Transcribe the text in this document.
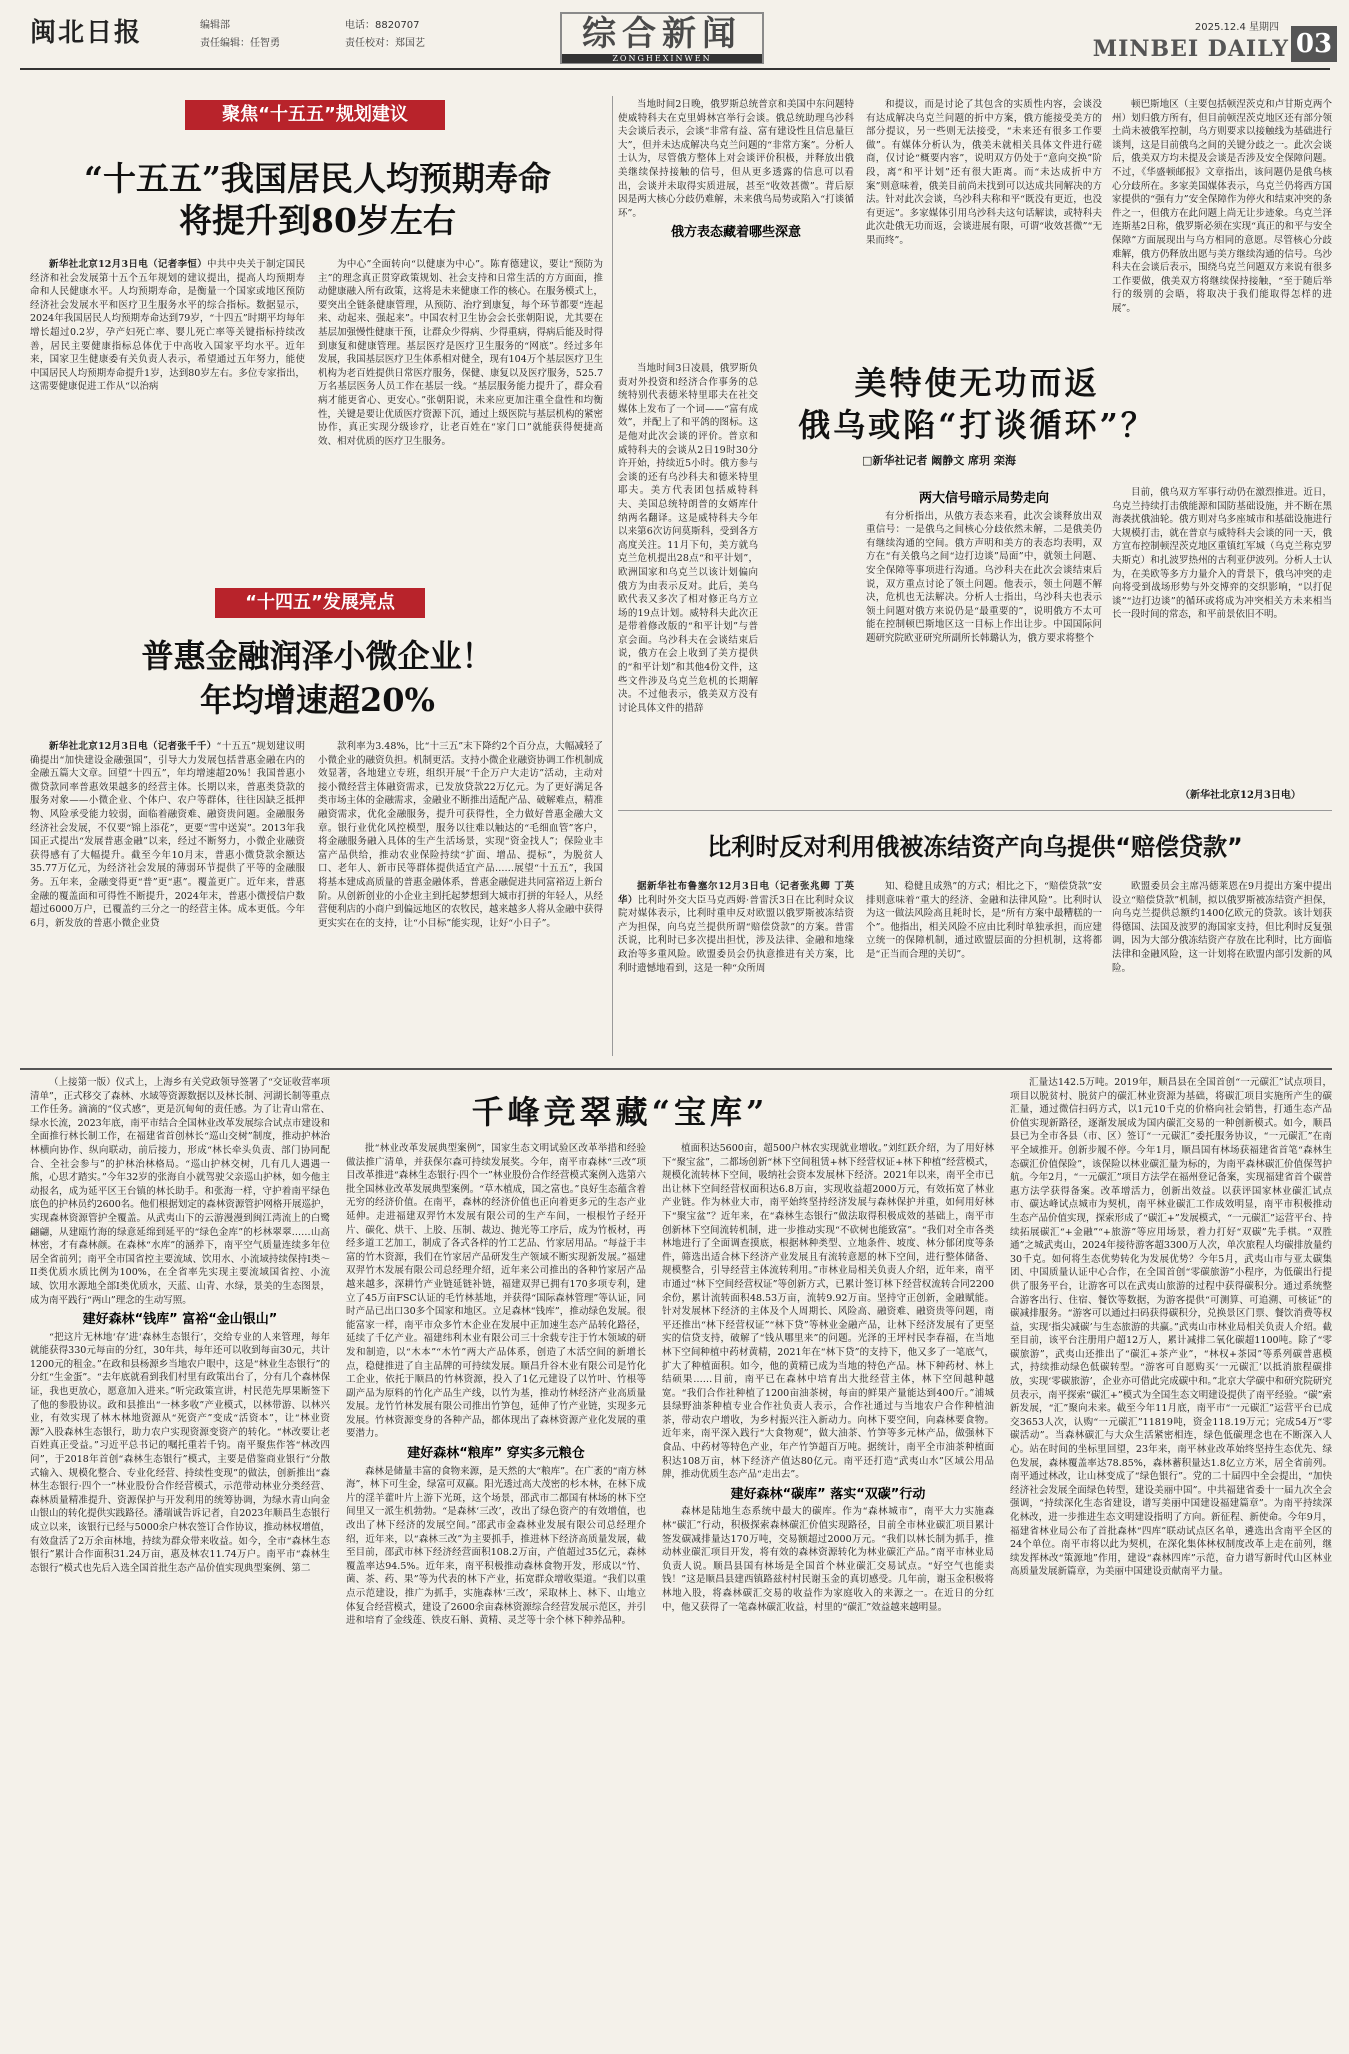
闽北日报	编辑部
责任编辑：任智勇
电话：8820707
责任校对：郑国艺	综合新闻
ZONGHEXINWEN
2025.12.4 星期四
MINBEI DAILY 03
聚焦“十五五”规划建议
“十五五”我国居民人均预期寿命
将提升到80岁左右

新华社北京12月3日电（记者李恒）中共中央关于制定国民经济和社会发展第十五个五年规划的建议提出，提高人均预期寿命和人民健康水平。人均预期寿命，是衡量一个国家或地区预防经济社会发展水平和医疗卫生服务水平的综合指标。数据显示，2024年我国居民人均预期寿命达到79岁，“十四五”时期平均每年增长超过0.2岁，孕产妇死亡率、婴儿死亡率等关键指标持续改善，居民主要健康指标总体优于中高收入国家平均水平。近年来，国家卫生健康委有关负责人表示，希望通过五年努力，能使中国居民人均预期寿命提升1岁，达到80岁左右。多位专家指出，这需要健康促进工作从“以治病

为中心”全面转向“以健康为中心”。陈育德建议，要让“预防为主”的理念真正贯穿政策规划、社会支持和日常生活的方方面面，推动健康融入所有政策，这将是未来健康工作的核心。在服务模式上，要突出全链条健康管理，从预防、治疗到康复，每个环节都要“连起来、动起来、强起来”。中国农村卫生协会会长张朝阳说，尤其要在基层加强慢性健康干预，让群众少得病、少得重病，得病后能及时得到康复和健康管理。基层医疗是医疗卫生服务的“网底”。经过多年发展，我国基层医疗卫生体系相对健全，现有104万个基层医疗卫生机构为老百姓提供日常医疗服务，保健、康复以及医疗服务，525.7万名基层医务人员工作在基层一线。“基层服务能力提升了，群众看病才能更省心、更安心。”张朝阳说，未来应更加注重全盘性和均衡性，关键是要让优质医疗资源下沉，通过上级医院与基层机构的紧密协作，真正实现分级诊疗，让老百姓在“家门口”就能获得便捷高效、相对优质的医疗卫生服务。

“十四五”发展亮点
普惠金融润泽小微企业！
年均增速超20%

新华社北京12月3日电（记者张千千）“十五五”规划建议明确提出“加快建设金融强国”，引导大力发展包括普惠金融在内的金融五篇大文章。回望“十四五”，年均增速超20%！我国普惠小微贷款同率普惠效果越多的经营主体。长期以来，普惠类贷款的服务对象——小微企业、个体户、农户等群体，往往因缺乏抵押物、风险承受能力较弱，面临着融资难、融资贵问题。金融服务经济社会发展，不仅要“锦上添花”，更要“雪中送炭”。2013年我国正式提出“发展普惠金融”以来，经过不断努力，小微企业融资获得感有了大幅提升。截至今年10月末，普惠小微贷款余额达35.77万亿元，为经济社会发展的薄弱环节提供了平等的金融服务。五年来，金融变得更“普”更“惠”。覆盖更广。近年来，普惠金融的覆盖面和可得性不断提升，2024年末，普惠小微授信户数超过6000万户，已覆盖约三分之一的经营主体。成本更低。今年6月，新发放的普惠小微企业贷

款利率为3.48%，比“十三五”末下降约2个百分点，大幅减轻了小微企业的融资负担。机制更活。支持小微企业融资协调工作机制成效显著，各地建立专班，组织开展“千企万户大走访”活动，主动对接小微经营主体融资需求，已发放贷款22万亿元。为了更好满足各类市场主体的金融需求，金融业不断推出适配产品、破解难点，精准融资需求，优化金融服务，提升可获得性，全力做好普惠金融大文章。银行业优化风控模型，服务以往难以触达的“毛细血管”客户，将金融服务融入具体的生产生活场景，实现“资金找人”；保险业丰富产品供给，推动农业保险持续“扩面、增品、提标”，为脱贫人口、老年人、新市民等群体提供适宜产品……展望“十五五”，我国将基本建成高质量的普惠金融体系，普惠金融促进共同富裕迈上新台阶。从创新创业的小企业主到托起梦想到大城市打拼的年轻人，从经营便利店的小商户到偏远地区的农牧民，越来越多人将从金融中获得更实实在在的支持，让“小目标”能实现，让好“小日子”。

当地时间2日晚，俄罗斯总统普京和美国中东问题特使威特科夫在克里姆林宫举行会谈。俄总统助理乌沙科夫会谈后表示，会谈“非常有益、富有建设性且信息量巨大”，但并未达成解决乌克兰问题的“非常方案”。分析人士认为，尽管俄方整体上对会谈评价积极，并释放出俄美继续保持接触的信号，但从更多透露的信息可以看出，会谈并未取得实质进展，甚至“收效甚微”。背后原因是两大核心分歧仍难解，未来俄乌局势或陷入“打谈循环”。

俄方表态藏着哪些深意

当地时间3日凌晨，俄罗斯负责对外投资和经济合作事务的总统特别代表德米特里耶夫在社交媒体上发布了一个词——“富有成效”，并配上了和平鸽的图标。这是他对此次会谈的评价。普京和威特科夫的会谈从2日19时30分许开始，持续近5小时。俄方参与会谈的还有乌沙科夫和德米特里耶夫。美方代表团包括威特科夫、美国总统特朗普的女婿库什纳两名翻译。这是威特科夫今年以来第6次访问莫斯科，受到各方高度关注。11月下旬，美方就乌克兰危机提出28点“和平计划”，欧洲国家和乌克兰以该计划偏向俄方为由表示反对。此后，美乌欧代表又多次了相对修正乌方立场的19点计划。威特科夫此次正是带着修改版的“和平计划”与普京会面。乌沙科夫在会谈结束后说，俄方在会上收到了美方提供的“和平计划”和其他4份文件，这些文件涉及乌克兰危机的长期解决。不过他表示，俄美双方没有讨论具体文件的措辞

和提议，而是讨论了其包含的实质性内容，会谈没有达成解决乌克兰问题的折中方案，俄方能接受美方的部分提议，另一些则无法接受，“未来还有很多工作要做”。有媒体分析认为，俄美未就相关具体文件进行磋商，仅讨论“概要内容”，说明双方仍处于“意向交换”阶段，离“和平计划”还有很大距离。而“未达成折中方案”则意味着，俄美目前尚未找到可以达成共同解决的方法。针对此次会谈，乌沙科夫称和平“既没有更近，也没有更远”。多家媒体引用乌沙科夫这句话解读，或特科夫此次赴俄无功而返，会谈进展有限，可谓“收效甚微”“无果而终”。

顿巴斯地区（主要包括顿涅茨克和卢甘斯克两个州）划归俄方所有，但目前顿涅茨克地区还有部分领土尚未被俄军控制，乌方则要求以接触线为基础进行谈判，这是目前俄乌之间的关键分歧之一。此次会谈后，俄美双方均未提及会谈是否涉及安全保障问题。不过，《华盛顿邮报》文章指出，该问题仍是俄乌核心分歧所在。多家美国媒体表示，乌克兰仍将西方国家提供的“强有力”安全保障作为停火和结束冲突的条件之一，但俄方在此问题上尚无让步迹象。乌克兰泽连斯基2日称，俄罗斯必须在实现“真正的和平与安全保障”方面展现出与乌方相同的意愿。尽管核心分歧难解，俄方仍释放出愿与美方继续沟通的信号。乌沙科夫在会谈后表示，围绕乌克兰问题双方来说有很多工作要做，俄美双方将继续保持接触，“至于随后举行的级别的会晤，将取决于我们能取得怎样的进展”。

美特使无功而返
俄乌或陷“打谈循环”？
□新华社记者 阚静文 席玥 栾海
两大信号暗示局势走向

有分析指出，从俄方表态来看，此次会谈释放出双重信号：一是俄乌之间核心分歧依然未解，二是俄美仍有继续沟通的空间。俄方声明和美方的表态均表明，双方在“有关俄乌之间“边打边谈”局面”中，就领土问题、安全保障等事项进行沟通。乌沙科夫在此次会谈结束后说，双方重点讨论了领土问题。他表示，领土问题不解决，危机也无法解决。分析人士指出，乌沙科夫也表示领土问题对俄方来说仍是“最重要的”，说明俄方不太可能在控制顿巴斯地区这一目标上作出让步。中国国际问题研究院欧亚研究所副所长韩璐认为，俄方要求将整个

目前，俄乌双方军事行动仍在激烈推进。近日，乌克兰持续打击俄能源和国防基础设施，并不断在黑海袭扰俄油轮。俄方则对乌多座城市和基础设施进行大规模打击，就在普京与威特科夫会谈的同一天，俄方宣布控制顿涅茨克地区重镇红军城（乌克兰称克罗夫斯克）和扎波罗热州的古利亚伊波列。分析人士认为，在美欧等多方力量介入的背景下，俄乌冲突的走向将受到战场形势与外交博弈的交织影响，“以打促谈”“边打边谈”的循环或将成为冲突相关方未来相当长一段时间的常态，和平前景依旧不明。

（新华社北京12月3日电）
比利时反对利用俄被冻结资产向乌提供“赔偿贷款”

据新华社布鲁塞尔12月3日电（记者张兆卿 丁英华）比利时外交大臣马克西姆·普雷沃3日在比利时众议院对媒体表示，比利时重申反对欧盟以俄罗斯被冻结资产为担保，向乌克兰提供所谓“赔偿贷款”的方案。普雷沃说，比利时已多次提出担忧，涉及法律、金融和地缘政治等多重风险。欧盟委员会仍执意推进有关方案，比利时遗憾地看到，这是一种“众所周

知、稳健且成熟”的方式；相比之下，“赔偿贷款”安排则意味着“重大的经济、金融和法律风险”。比利时认为这一做法风险高且耗时长，是“所有方案中最糟糕的一个”。他指出，相关风险不应由比利时单独承担，而应建立统一的保障机制，通过欧盟层面的分担机制，这将都是“正当而合理的关切”。

欧盟委员会主席冯德莱恩在9月提出方案中提出设立“赔偿贷款”机制，拟以俄罗斯被冻结资产担保，向乌克兰提供总额约1400亿欧元的贷款。该计划获得德国、法国及波罗的海国家支持，但比利时反复强调，因为大部分俄冻结资产存放在比利时，比方面临法律和金融风险，这一计划将在欧盟内部引发新的风险。

千峰竞翠藏“宝库”

（上接第一版）仪式上，上海乡有关党政领导签署了“交证收营率项清单”，正式移交了森林、水域等资源数据以及林长制、河湖长制等重点工作任务。滴滴的“仪式感”，更是沉甸甸的责任感。为了让青山常在、绿水长流，2023年底，南平市结合全国林业改革发展综合试点市建设和全面推行林长制工作，在福建省首创林长“巡山交树”制度，推动护林治林横向协作、纵向联动，前后接力，形成“林长牵头负责、部门协同配合、全社会参与”的护林治林格局。“巡山护林交树，几有几人遇遇一熊，心思才踏实。”今年32岁的张海自小就驾驶父亲巡山护林，如今他主动报名，成为延平区王台镇的林长助手。和张海一样，守护着南平绿色底色的护林员约2600名。他们根据划定的森林资源管护网格开展巡护，实现森林资源管护全覆盖。从武夷山下的云游漫漫到闽江湾流上的白鹭翩翩，从建瓯竹海的绿意延绵到延平的“绿色金库”的杉林翠翠……山高林密，才有森林颜。在森林“水库”的涵养下，南平空气质量连续多年位居全省前列；南平全市国省控主要流域、饮用水、小流域持续保持I类～II类优质水质比例为100%，在全省率先实现主要流域国省控、小流域、饮用水源地全部I类优质水，天蓝、山青、水绿，景美的生态图景，成为南平践行“两山”理念的生动写照。

建好森林“钱库” 富裕“金山银山”

“把这片无林地‘存’进‘森林生态银行’，交给专业的人来管理，每年就能获得330元每亩的分红，30年共，每年还可以收到每亩30元，共计1200元的租金。”在政和县杨源乡当地农户眼中，这是“林业生态银行”的分红“生金蛋”。“去年底就看到我们村里有政策出台了，分有几个森林保证，我也更放心，愿意加入进来。”听完政策宣讲，村民范先厚果断签下了他的参股协议。政和县推出“一林多收”产业模式，以林带游、以林兴业，有效实现了林木林地资源从“死资产”变成“活资本”，让“林业资源”入股森林生态银行，助力农户实现资源变资产的转化。“林改要让老百姓真正受益。”习近平总书记的嘱托重若千钧。南平聚焦作答“林改四问”，于2018年首创“森林生态银行”模式，主要是借鉴商业银行“分散式输入、规模化整合、专业化经营、持续性变现”的做法，创新推出“森林生态银行·四个一”林业股份合作经营模式，示范带动林业分类经营、森林质量精准提升、资源保护与开发利用的统筹协调，为绿水青山向金山银山的转化提供实践路径。潘端诚告诉记者，自2023年顺昌生态银行成立以来，该银行已经与5000余户林农签订合作协议，推动林权增值，有效盘活了2万余亩林地，持续为群众带来收益。如今，全市“森林生态银行”累计合作面积31.24万亩，惠及林农11.74万户。南平市“森林生态银行”模式也先后入选全国首批生态产品价值实现典型案例、第二

批“林业改革发展典型案例”，国家生态文明试验区改革举措和经验做法推广清单，并获保尔森可持续发展奖。今年，南平市森林“三改”项目改革推进“森林生态银行·四个一”林业股份合作经营模式案例入选第六批全国林业改革发展典型案例。“草木植成，国之富也。”良好生态蕴含着无穷的经济价值。在南平，森林的经济价值也正向着更多元的生态产业延伸。走进福建双羿竹木发展有限公司的生产车间，一根根竹子经开片、碳化、烘干、上胶、压制、裁边、抛光等工序后，成为竹板材，再经多道工艺加工，制成了各式各样的竹工艺品、竹家居用品。“每益于丰富的竹木资源，我们在竹家居产品研发生产领域不断实现新发展。”福建双羿竹木发展有限公司总经理介绍，近年来公司推出的各种竹家居产品越来越多，深耕竹产业链延链补链，福建双羿已拥有170多项专利，建立了45万亩FSC认证的毛竹林基地，并获得“国际森林管理”等认证，同时产品已出口30多个国家和地区。立足森林“钱库”，推动绿色发展。很能富家一样，南平市众多竹木企业在发展中正加速生态产品转化路径，延续了千亿产业。福建纬利木业有限公司三十余载专注于竹木领域的研发和制造，以“木本”“木竹”两大产品体系，创造了木活空间的新增长点，稳健推进了自主品牌的可持续发展。顺昌升谷木业有限公司是竹化工企业，依托于顺昌的竹林资源，投入了1亿元建设了以竹叶、竹根等副产品为原料的竹化产品生产线，以竹为基，推动竹林经济产业高质量发展。龙竹竹林发展有限公司推出竹笋包，延伸了竹产业链，实现多元发展。竹林资源变身的各种产品，都体现出了森林资源产业化发展的重要潜力。

建好森林“粮库” 穿实多元粮仓

森林是储量丰富的食物来源，是天然的大“粮库”。在广袤的“南方林海”，林下可生金，绿富可双赢。阳光透过高大茂密的杉木林，在林下成片的淫羊藿叶片上游下光斑，这个场景，邵武市二都国有林场的林下空间里又一派生机勃勃。“是森林‘三改’，改出了绿色资产的有效增值，也改出了林下经济的发展空间。”邵武市金森林业发展有限公司总经理介绍，近年来，以“森林三改”为主要抓手，推进林下经济高质量发展，截至目前，邵武市林下经济经营面积108.2万亩，产值超过35亿元，森林覆盖率达94.5%。近年来，南平积极推动森林食物开发，形成以“竹、菌、茶、药、果”等为代表的林下产业，拓宽群众增收渠道。“我们以重点示范建设，推广为抓手，实施森林‘三改’，采取林上、林下、山地立体复合经营模式，建设了2600余亩森林资源综合经营发展示范区，并引进和培育了金线莲、铁皮石斛、黄精、灵芝等十余个林下种养品种。

植面积达5600亩，超500户林农实现就业增收。”刘红跃介绍，为了用好林下“聚宝盆”，二都场创新“林下空间租赁+林下经营权证+林下种植”经营模式，规模化流转林下空间，吸纳社会资本发展林下经济。2021年以来，南平全市已出让林下空间经营权面积达6.8万亩，实现收益超2000万元，有效拓宽了林业产业链。作为林业大市，南平始终坚持经济发展与森林保护并重，如何用好林下“聚宝盆”？近年来，在“森林生态银行”做法取得积极成效的基础上，南平市创新林下空间流转机制，进一步推动实现“不砍树也能致富”。“我们对全市各类林地进行了全面调查摸底，根据林种类型、立地条件、坡度、林分郁闭度等条件，筛选出适合林下经济产业发展且有流转意愿的林下空间，进行整体储备、规模整合，引导经营主体流转利用。”市林业局相关负责人介绍，近年来，南平市通过“林下空间经营权证”等创新方式，已累计签订林下经营权流转合同2200余份，累计流转面积48.53万亩，流转9.92万亩。坚持守正创新，金融赋能。针对发展林下经济的主体及个人周期长、风险高、融资难、融资贵等问题，南平还推出“林下经营权证”“林下贷”等林业金融产品，让林下经济发展有了更坚实的信贷支持，破解了“钱从哪里来”的问题。光泽的王坪村民李春福，在当地林下空间种植中药材黄精，2021年在“林下贷”的支持下，他又多了一笔底气，扩大了种植面积。如今，他的黄精已成为当地的特色产品。林下种药材、林上结硕果……目前，南平已在森林中培育出大批经营主体，林下空间越种越宽。“我们合作社种植了1200亩油茶树，每亩的鲜果产量能达到400斤。”浦城县绿野油茶种植专业合作社负责人表示，合作社通过与当地农户合作种植油茶，带动农户增收，为乡村振兴注入新动力。向林下要空间，向森林要食物。近年来，南平深入践行“大食物观”，做大油茶、竹笋等多元林产品，做强林下食品、中药材等特色产业，年产竹笋超百万吨。据统计，南平全市油茶种植面积达108万亩，林下经济产值达80亿元。南平还打造“武夷山水”区域公用品牌，推动优质生态产品“走出去”。

建好森林“碳库” 落实“双碳”行动

森林是陆地生态系统中最大的碳库。作为“森林城市”，南平大力实施森林“碳汇”行动，积极探索森林碳汇价值实现路径，目前全市林业碳汇项目累计签发碳减排量达170万吨，交易额超过2000万元。“我们以林长制为抓手，推动林业碳汇项目开发，将有效的森林资源转化为林业碳汇产品。”南平市林业局负责人说。顺昌县国有林场是全国首个林业碳汇交易试点。“好空气也能卖钱！”这是顺昌县建西镇路兹村村民谢玉金的真切感受。几年前，谢玉金积极将林地入股，将森林碳汇交易的收益作为家庭收入的来源之一。在近日的分红中，他又获得了一笔森林碳汇收益，村里的“碳汇”效益越来越明显。

汇量达142.5万吨。2019年，顺昌县在全国首创“一元碳汇”试点项目，项目以脱贫村、脱贫户的碳汇林业资源为基础，将碳汇项目实施所产生的碳汇量，通过微信扫码方式，以1元10千克的价格向社会销售，打通生态产品价值实现新路径，逐渐发展成为国内碳汇交易的一种创新模式。如今，顺昌县已为全市各县（市、区）签订“一元碳汇”委托服务协议，“一元碳汇”在南平全域推开。创新步履不停。今年1月，顺昌国有林场获福建省首笔“森林生态碳汇价值保险”，该保险以林业碳汇量为标的，为南平森林碳汇价值保驾护航。今年2月，“一元碳汇”项目方法学在福州登记备案，实现福建省首个碳普惠方法学获得备案。改革增活力，创新出效益。以获评国家林业碳汇试点市、碳达峰试点城市为契机，南平林业碳汇工作成效明显，南平市积极推动生态产品价值实现，探索形成了“碳汇+”发展模式，“一元碳汇”运营平台、持续拓展碳汇“+金融”“+旅游”等应用场景，着力打好“双碳”先手棋。“双胜通”之城武夷山，2024年接待游客超3300万人次，单次旅程人均碳排放量约30千克。如何将生态优势转化为发展优势？今年5月，武夷山市与亚太碳集团、中国质量认证中心合作，在全国首创“零碳旅游”小程序，为低碳出行提供了服务平台，让游客可以在武夷山旅游的过程中获得碳积分。通过系统整合游客出行、住宿、餐饮等数据，为游客提供“可测算、可追溯、可核证”的碳减排服务。“游客可以通过扫码获得碳积分，兑换景区门票、餐饮消费等权益，实现‘指尖减碳’与生态旅游的共赢。”武夷山市林业局相关负责人介绍。截至目前，该平台注册用户超12万人，累计减排二氧化碳超1100吨。除了“零碳旅游”，武夷山还推出了“碳汇+茶产业”，“林权+茶园”等系列碳普惠模式，持续推动绿色低碳转型。“游客可自愿购买‘一元碳汇’以抵消旅程碳排放，实现‘零碳旅游’，企业亦可借此完成碳中和。”北京大学碳中和研究院研究员表示，南平探索“碳汇+”模式为全国生态文明建设提供了南平经验。“碳”索新发展，“汇”聚向未来。截至今年11月底，南平市“一元碳汇”运营平台已成交3653人次，认购“一元碳汇”11819吨，资金118.19万元；完成54万“零碳活动”。当森林碳汇与大众生活紧密相连，绿色低碳理念也在不断深入人心。站在时间的坐标里回望，23年来，南平林业改革始终坚持生态优先、绿色发展，森林覆盖率达78.85%，森林蓄积量达1.8亿立方米，居全省前列。南平通过林改，让山林变成了“绿色银行”。党的二十届四中全会提出，“加快经济社会发展全面绿色转型，建设美丽中国”。中共福建省委十一届九次全会强调，“持续深化生态省建设，谱写美丽中国建设福建篇章”。为南平持续深化林改，进一步推进生态文明建设指明了方向。新征程、新使命。今年9月，福建省林业局公布了首批森林“四库”联动试点区名单，遴选出含南平全区的24个单位。南平市将以此为契机，在深化集体林权制度改革上走在前列，继续发挥林改“策源地”作用，建设“森林四库”示范，奋力谱写新时代山区林业高质量发展新篇章，为美丽中国建设贡献南平力量。
